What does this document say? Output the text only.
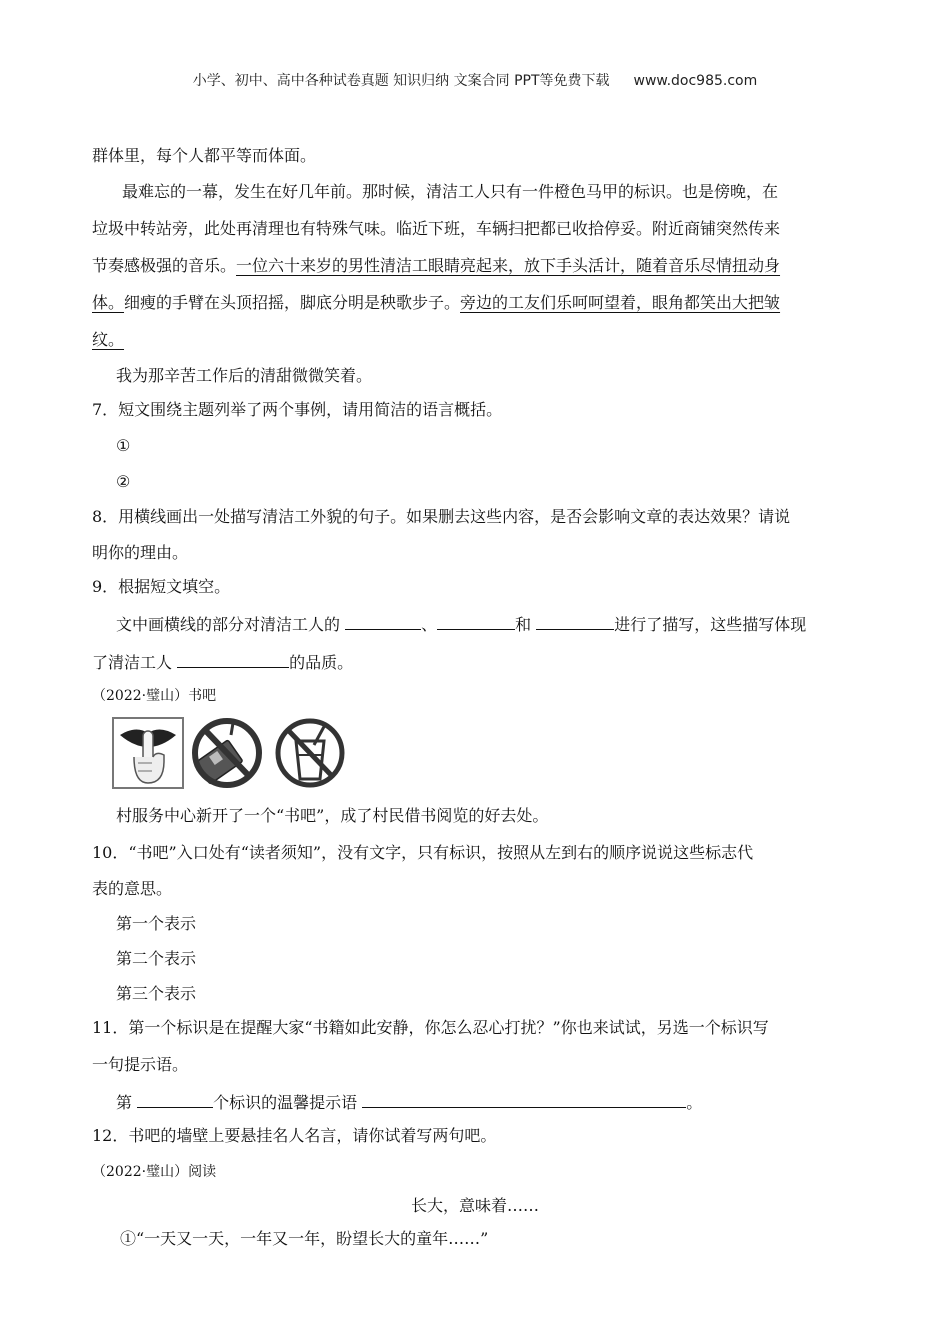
小学、初中、高中各种试卷真题 知识归纳 文案合同 PPT等免费下载 www.doc985.com
群体里，每个人都平等而体面。
最难忘的一幕，发生在好几年前。那时候，清洁工人只有一件橙色马甲的标识。也是傍晚，在
垃圾中转站旁，此处再清理也有特殊气味。临近下班，车辆扫把都已收拾停妥。附近商铺突然传来
节奏感极强的音乐。一位六十来岁的男性清洁工眼睛亮起来，放下手头活计，随着音乐尽情扭动身
体。细瘦的手臂在头顶招摇，脚底分明是秧歌步子。旁边的工友们乐呵呵望着，眼角都笑出大把皱
纹。
我为那辛苦工作后的清甜微微笑着。
7．短文围绕主题列举了两个事例，请用简洁的语言概括。
①
②
8．用横线画出一处描写清洁工外貌的句子。如果删去这些内容，是否会影响文章的表达效果？请说
明你的理由。
9．根据短文填空。
文中画横线的部分对清洁工人的	、	和	进行了描写，这些描写体现
了清洁工人	的品质。
（2022·璧山）书吧

村服务中心新开了一个“书吧”，成了村民借书阅览的好去处。
10．“书吧”入口处有“读者须知”，没有文字，只有标识，按照从左到右的顺序说说这些标志代
表的意思。
第一个表示
第二个表示
第三个表示
11．第一个标识是在提醒大家“书籍如此安静，你怎么忍心打扰？”你也来试试，另选一个标识写
一句提示语。
第	个标识的温馨提示语	。
12．书吧的墙壁上要悬挂名人名言，请你试着写两句吧。
（2022·璧山）阅读
长大，意味着……
①“一天又一天，一年又一年，盼望长大的童年……”
